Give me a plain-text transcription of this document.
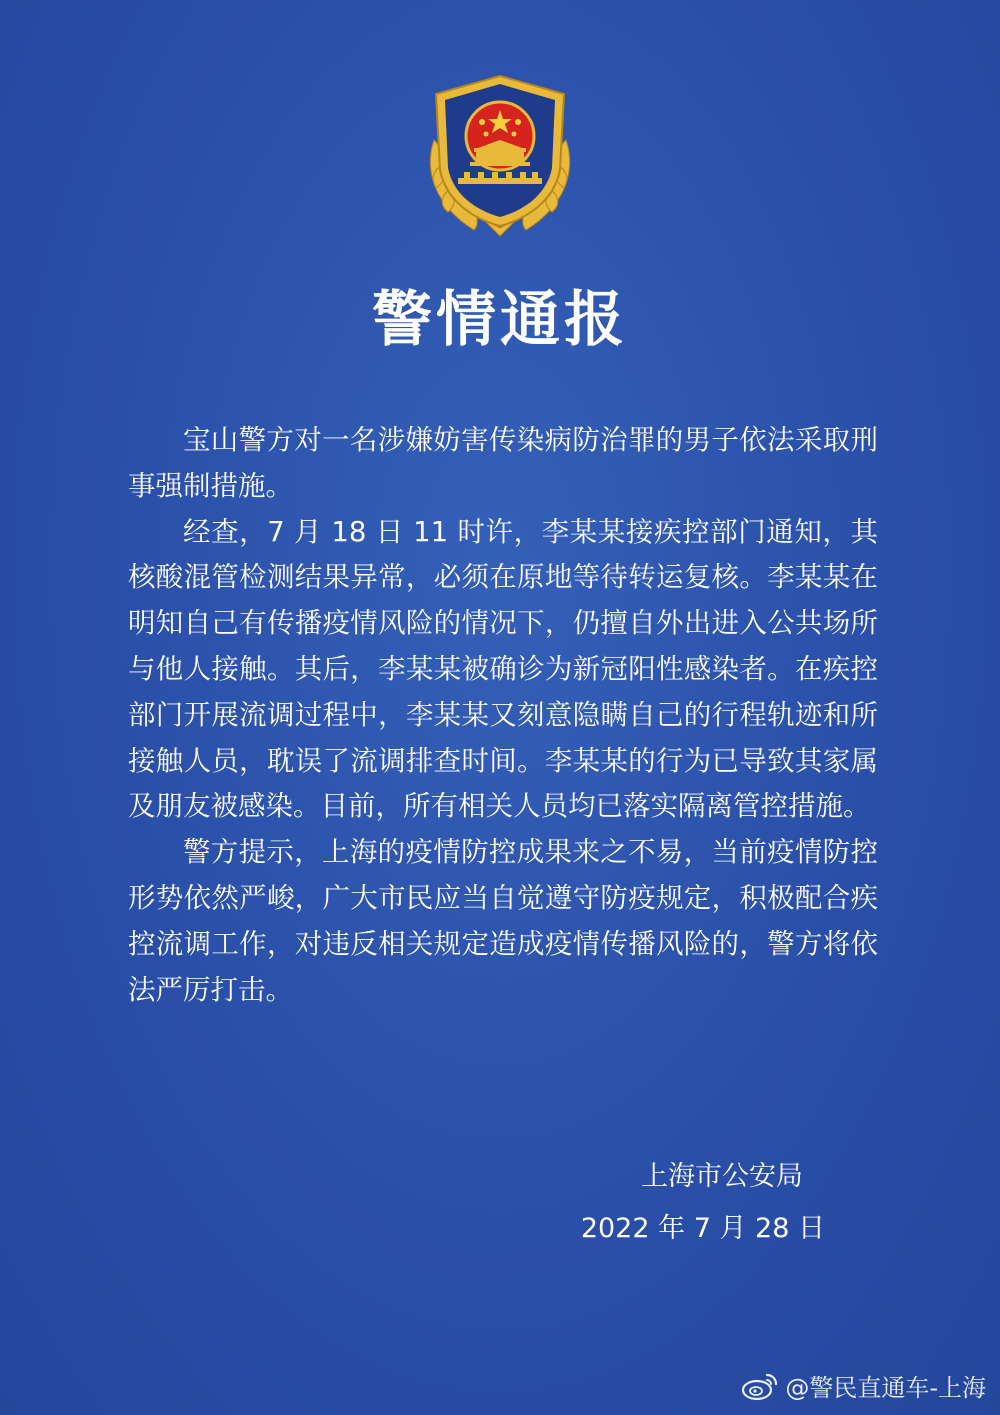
警情通报

宝山警方对一名涉嫌妨害传染病防治罪的男子依法采取刑事强制措施。

经查，7 月 18 日 11 时许，李某某接疾控部门通知，其核酸混管检测结果异常，必须在原地等待转运复核。李某某在明知自己有传播疫情风险的情况下，仍擅自外出进入公共场所与他人接触。其后，李某某被确诊为新冠阳性感染者。在疾控部门开展流调过程中，李某某又刻意隐瞒自己的行程轨迹和所接触人员，耽误了流调排查时间。李某某的行为已导致其家属及朋友被感染。目前，所有相关人员均已落实隔离管控措施。

警方提示，上海的疫情防控成果来之不易，当前疫情防控形势依然严峻，广大市民应当自觉遵守防疫规定，积极配合疾控流调工作，对违反相关规定造成疫情传播风险的，警方将依法严厉打击。

上海市公安局
2022 年 7 月 28 日
@警民直通车-上海
